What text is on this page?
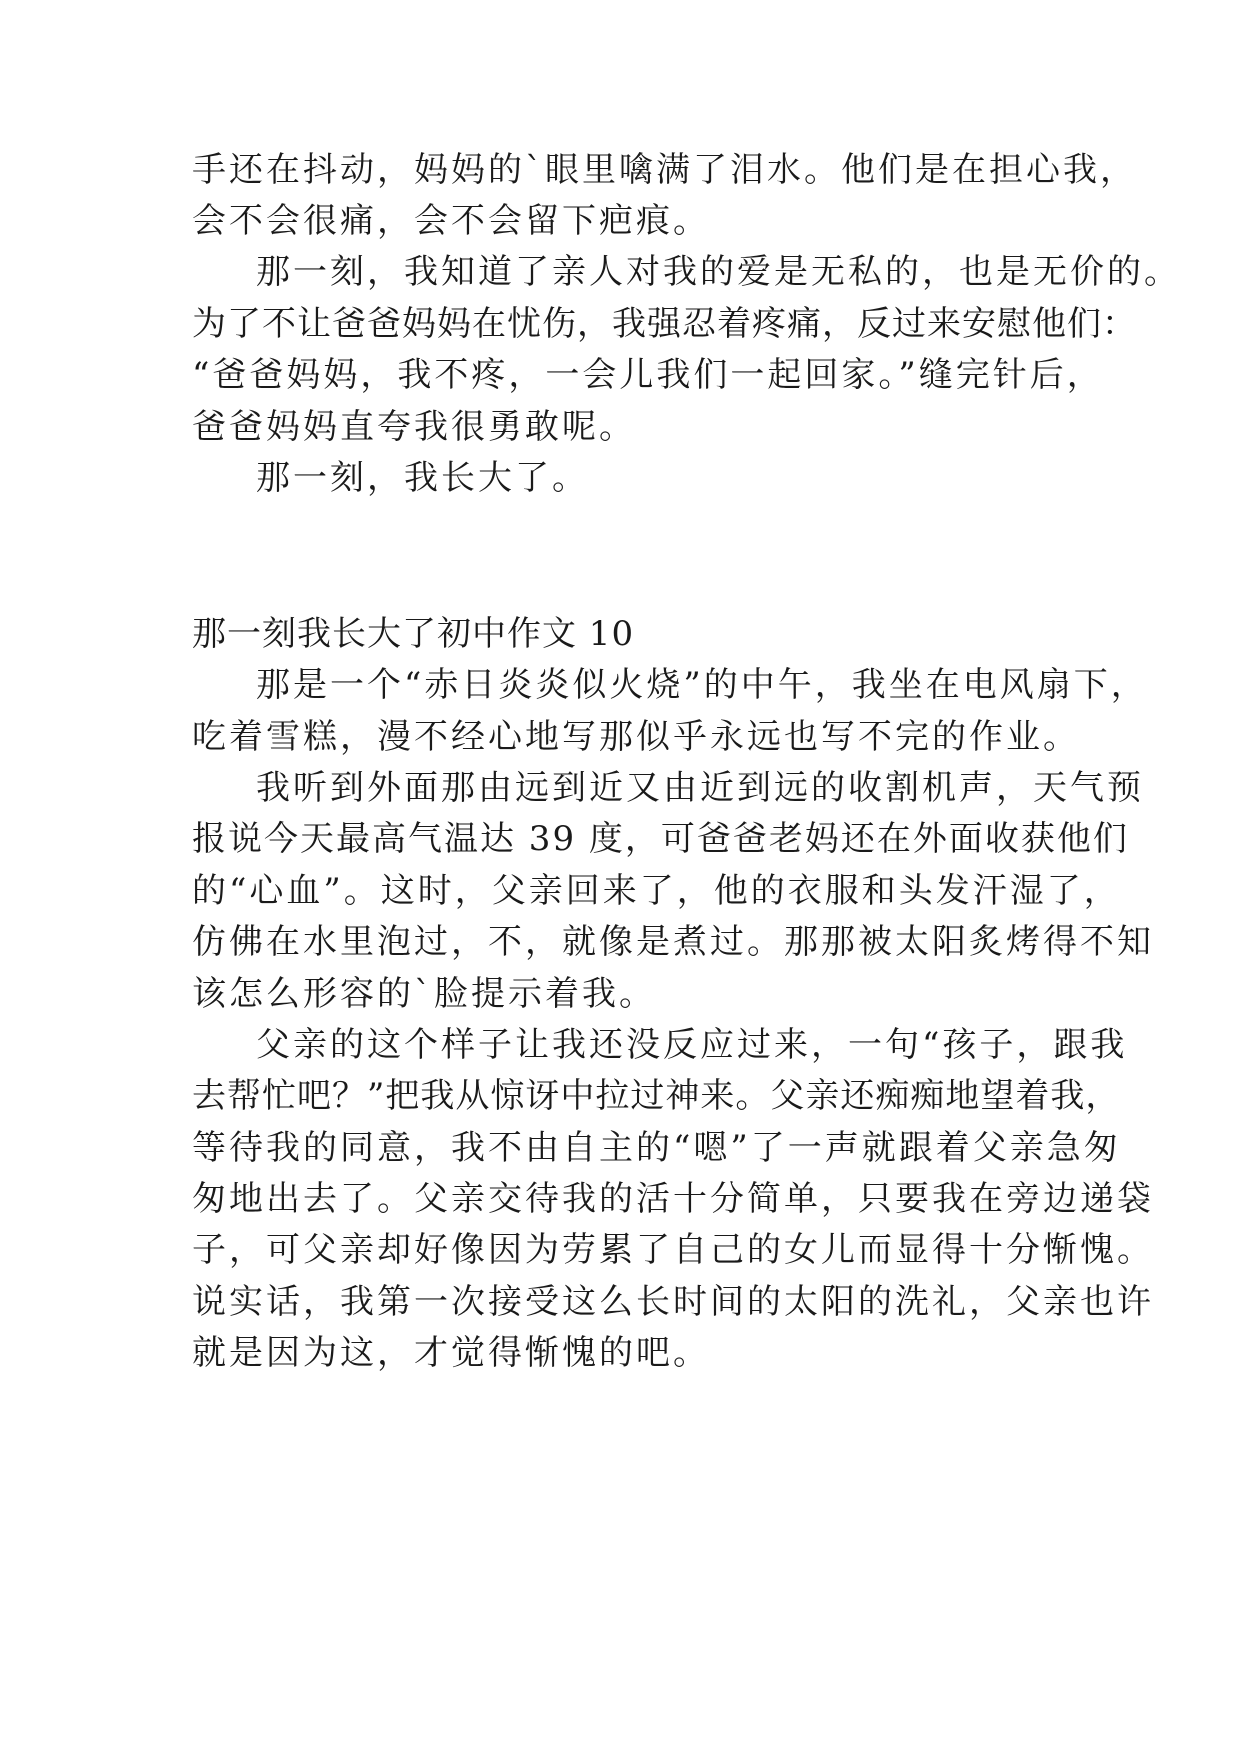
手还在抖动，妈妈的`眼里噙满了泪水。他们是在担心我，
会不会很痛，会不会留下疤痕。
那一刻，我知道了亲人对我的爱是无私的，也是无价的。
为了不让爸爸妈妈在忧伤，我强忍着疼痛，反过来安慰他们：
“爸爸妈妈，我不疼，一会儿我们一起回家。”缝完针后，
爸爸妈妈直夸我很勇敢呢。
那一刻，我长大了。
那一刻我长大了初中作文 10
那是一个“赤日炎炎似火烧”的中午，我坐在电风扇下，
吃着雪糕，漫不经心地写那似乎永远也写不完的作业。
我听到外面那由远到近又由近到远的收割机声，天气预
报说今天最高气温达 39 度，可爸爸老妈还在外面收获他们
的“心血”。这时，父亲回来了，他的衣服和头发汗湿了，
仿佛在水里泡过，不，就像是煮过。那那被太阳炙烤得不知
该怎么形容的`脸提示着我。
父亲的这个样子让我还没反应过来，一句“孩子，跟我
去帮忙吧？”把我从惊讶中拉过神来。父亲还痴痴地望着我，
等待我的同意，我不由自主的“嗯”了一声就跟着父亲急匆
匆地出去了。父亲交待我的活十分简单，只要我在旁边递袋
子，可父亲却好像因为劳累了自己的女儿而显得十分惭愧。
说实话，我第一次接受这么长时间的太阳的洗礼，父亲也许
就是因为这，才觉得惭愧的吧。
